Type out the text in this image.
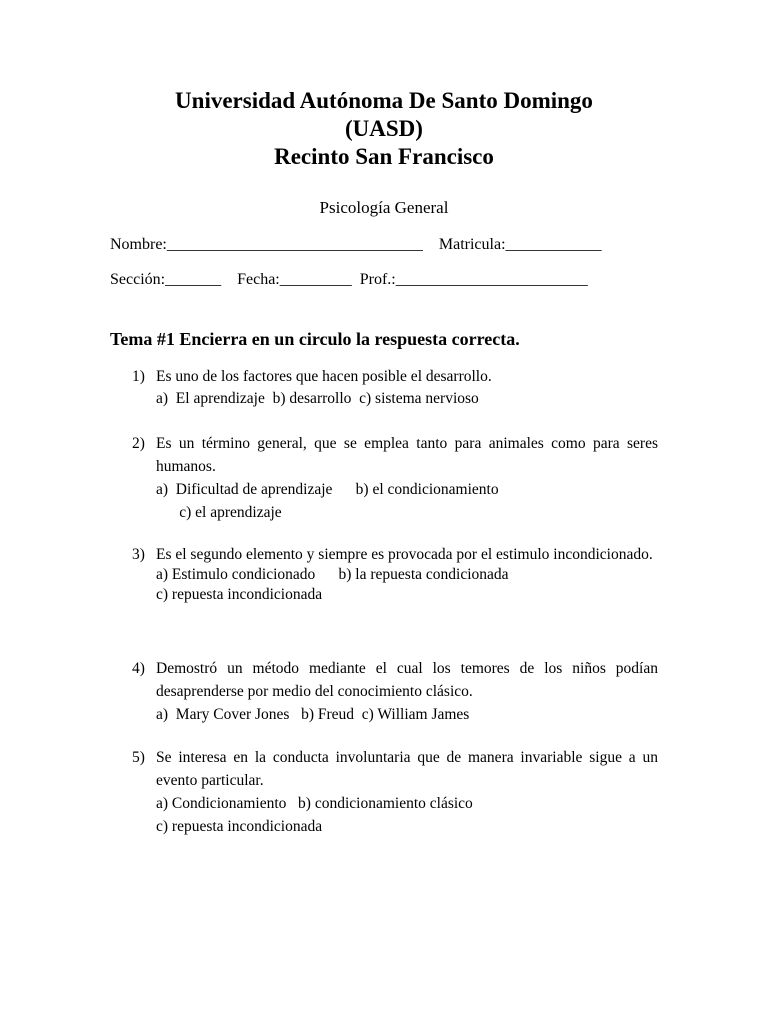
Universidad Autónoma De Santo Domingo
(UASD)
Recinto San Francisco
Psicología General
Nombre:________________________________    Matricula:____________
Sección:_______    Fecha:_________  Prof.:________________________
Tema #1 Encierra en un circulo la respuesta correcta.
1) Es uno de los factores que hacen posible el desarrollo.
a)  El aprendizaje  b) desarrollo  c) sistema nervioso
2) Es un término general, que se emplea tanto para animales como para seres humanos.
a)  Dificultad de aprendizaje      b) el condicionamiento
c) el aprendizaje
3) Es el segundo elemento y siempre es provocada por el estimulo incondicionado.
a) Estimulo condicionado      b) la repuesta condicionada
c) repuesta incondicionada
4) Demostró un método mediante el cual los temores de los niños podían desaprenderse por medio del conocimiento clásico.
a)  Mary Cover Jones   b) Freud  c) William James
5) Se interesa en la conducta involuntaria que de manera invariable sigue a un evento particular.
a) Condicionamiento   b) condicionamiento clásico
c) repuesta incondicionada
